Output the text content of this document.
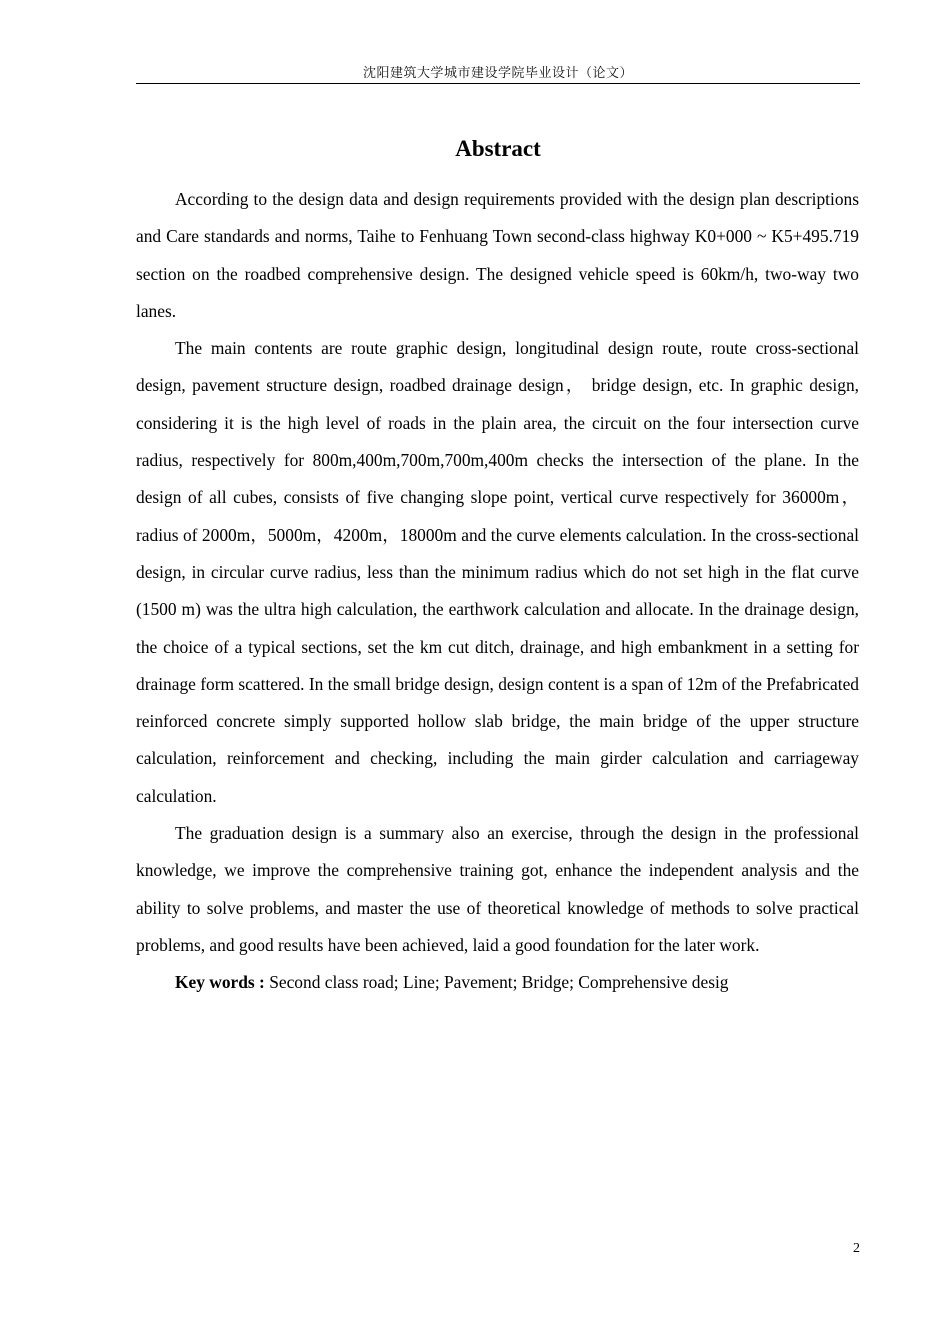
沈阳建筑大学城市建设学院毕业设计（论文）
Abstract

According to the design data and design requirements provided with the design plan descriptions and Care standards and norms, Taihe to Fenhuang Town second-class highway K0+000 ~ K5+495.719 section on the roadbed comprehensive design. The designed vehicle speed is 60km/h, two-way two lanes.

The main contents are route graphic design, longitudinal design route, route cross-sectional design, pavement structure design, roadbed drainage design， bridge design, etc. In graphic design, considering it is the high level of roads in the plain area, the circuit on the four intersection curve radius, respectively for 800m,400m,700m,700m,400m checks the intersection of the plane. In the design of all cubes, consists of five changing slope point, vertical curve respectively for 36000m，radius of 2000m，5000m，4200m，18000m and the curve elements calculation. In the cross-sectional design, in circular curve radius, less than the minimum radius which do not set high in the flat curve (1500 m) was the ultra high calculation, the earthwork calculation and allocate. In the drainage design, the choice of a typical sections, set the km cut ditch, drainage, and high embankment in a setting for drainage form scattered. In the small bridge design, design content is a span of 12m of the Prefabricated reinforced concrete simply supported hollow slab bridge, the main bridge of the upper structure calculation, reinforcement and checking, including the main girder calculation and carriageway calculation.

The graduation design is a summary also an exercise, through the design in the professional knowledge, we improve the comprehensive training got, enhance the independent analysis and the ability to solve problems, and master the use of theoretical knowledge of methods to solve practical problems, and good results have been achieved, laid a good foundation for the later work.

Key words : Second class road; Line; Pavement; Bridge; Comprehensive desig

2
